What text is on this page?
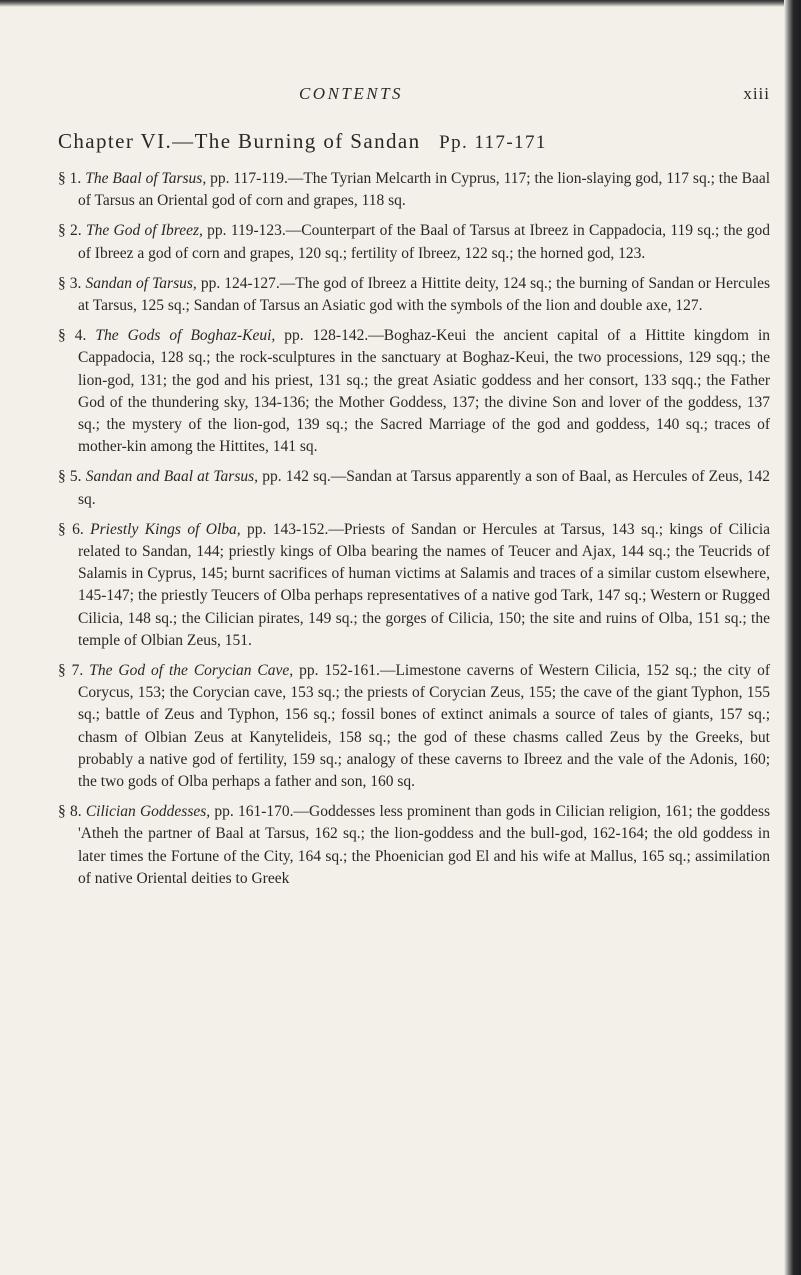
CONTENTS	xiii
Chapter VI.—The Burning of Sandan Pp. 117-171

§ 1. The Baal of Tarsus, pp. 117-119.—The Tyrian Melcarth in Cyprus, 117; the lion-slaying god, 117 sq.; the Baal of Tarsus an Oriental god of corn and grapes, 118 sq.

§ 2. The God of Ibreez, pp. 119-123.—Counterpart of the Baal of Tarsus at Ibreez in Cappadocia, 119 sq.; the god of Ibreez a god of corn and grapes, 120 sq.; fertility of Ibreez, 122 sq.; the horned god, 123.

§ 3. Sandan of Tarsus, pp. 124-127.—The god of Ibreez a Hittite deity, 124 sq.; the burning of Sandan or Hercules at Tarsus, 125 sq.; Sandan of Tarsus an Asiatic god with the symbols of the lion and double axe, 127.

§ 4. The Gods of Boghaz-Keui, pp. 128-142.—Boghaz-Keui the ancient capital of a Hittite kingdom in Cappadocia, 128 sq.; the rock-sculptures in the sanctuary at Boghaz-Keui, the two processions, 129 sqq.; the lion-god, 131; the god and his priest, 131 sq.; the great Asiatic goddess and her consort, 133 sqq.; the Father God of the thundering sky, 134-136; the Mother Goddess, 137; the divine Son and lover of the goddess, 137 sq.; the mystery of the lion-god, 139 sq.; the Sacred Marriage of the god and goddess, 140 sq.; traces of mother-kin among the Hittites, 141 sq.

§ 5. Sandan and Baal at Tarsus, pp. 142 sq.—Sandan at Tarsus apparently a son of Baal, as Hercules of Zeus, 142 sq.

§ 6. Priestly Kings of Olba, pp. 143-152.—Priests of Sandan or Hercules at Tarsus, 143 sq.; kings of Cilicia related to Sandan, 144; priestly kings of Olba bearing the names of Teucer and Ajax, 144 sq.; the Teucrids of Salamis in Cyprus, 145; burnt sacrifices of human victims at Salamis and traces of a similar custom elsewhere, 145-147; the priestly Teucers of Olba perhaps representatives of a native god Tark, 147 sq.; Western or Rugged Cilicia, 148 sq.; the Cilician pirates, 149 sq.; the gorges of Cilicia, 150; the site and ruins of Olba, 151 sq.; the temple of Olbian Zeus, 151.

§ 7. The God of the Corycian Cave, pp. 152-161.—Limestone caverns of Western Cilicia, 152 sq.; the city of Corycus, 153; the Corycian cave, 153 sq.; the priests of Corycian Zeus, 155; the cave of the giant Typhon, 155 sq.; battle of Zeus and Typhon, 156 sq.; fossil bones of extinct animals a source of tales of giants, 157 sq.; chasm of Olbian Zeus at Kanytelideis, 158 sq.; the god of these chasms called Zeus by the Greeks, but probably a native god of fertility, 159 sq.; analogy of these caverns to Ibreez and the vale of the Adonis, 160; the two gods of Olba perhaps a father and son, 160 sq.

§ 8. Cilician Goddesses, pp. 161-170.—Goddesses less prominent than gods in Cilician religion, 161; the goddess 'Atheh the partner of Baal at Tarsus, 162 sq.; the lion-goddess and the bull-god, 162-164; the old goddess in later times the Fortune of the City, 164 sq.; the Phoenician god El and his wife at Mallus, 165 sq.; assimilation of native Oriental deities to Greek
